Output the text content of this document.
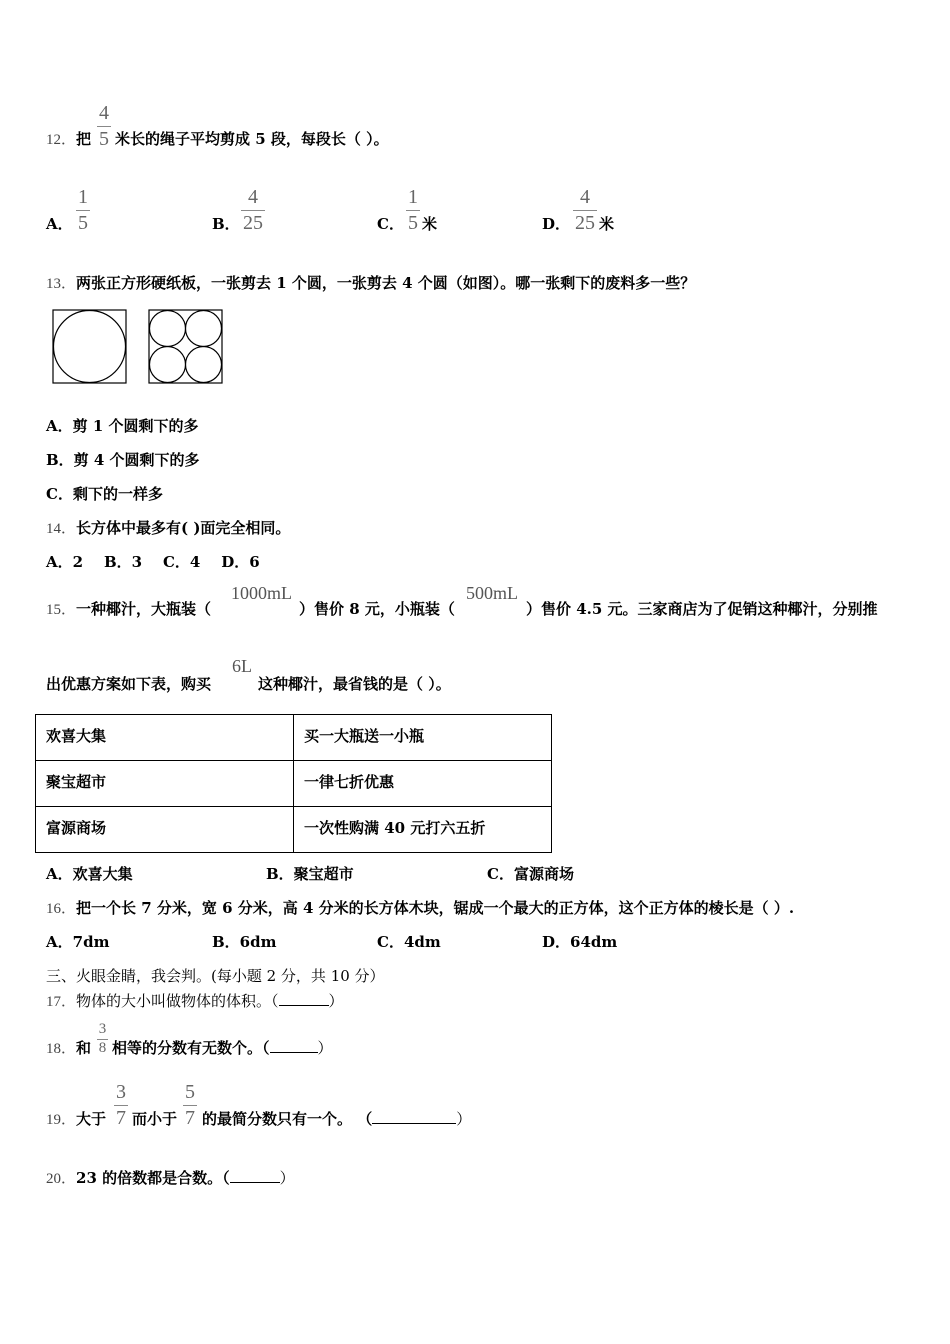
12．把
4
5 米长的绳子平均剪成 5 段，每段长（ ）。
A．
1
5	B．
4
25	C．
1
5 米	D．
4
25 米
13．两张正方形硬纸板，一张剪去 1 个圆，一张剪去 4 个圆（如图）。哪一张剩下的废料多一些？
A．剪 1 个圆剩下的多
B．剪 4 个圆剩下的多
C．剩下的一样多
14．长方体中最多有( )面完全相同。
A．2    B．3    C．4    D．6
15．一种椰汁，大瓶装（
1000mL
）售价 8 元，小瓶装（
500mL
）售价 4.5 元。三家商店为了促销这种椰汁，分别推
出优惠方案如下表，购买
6L
这种椰汁，最省钱的是（ ）。
欢喜大集	买一大瓶送一小瓶
聚宝超市	一律七折优惠
富源商场	一次性购满 40 元打六五折
A．欢喜大集	B．聚宝超市	C．富源商场
16．把一个长 7 分米，宽 6 分米，高 4 分米的长方体木块，锯成一个最大的正方体，这个正方体的棱长是（ ）.
A．7dm	B．6dm	C．4dm	D．64dm
三、火眼金睛，我会判。(每小题 2 分，共 10 分）
17．物体的大小叫做物体的体积。（	）
18．和
3
8 相等的分数有无数个。（	）
19．大于
3
7 而小于
5
7 的最简分数只有一个。 （	）
20．23 的倍数都是合数。（	）
